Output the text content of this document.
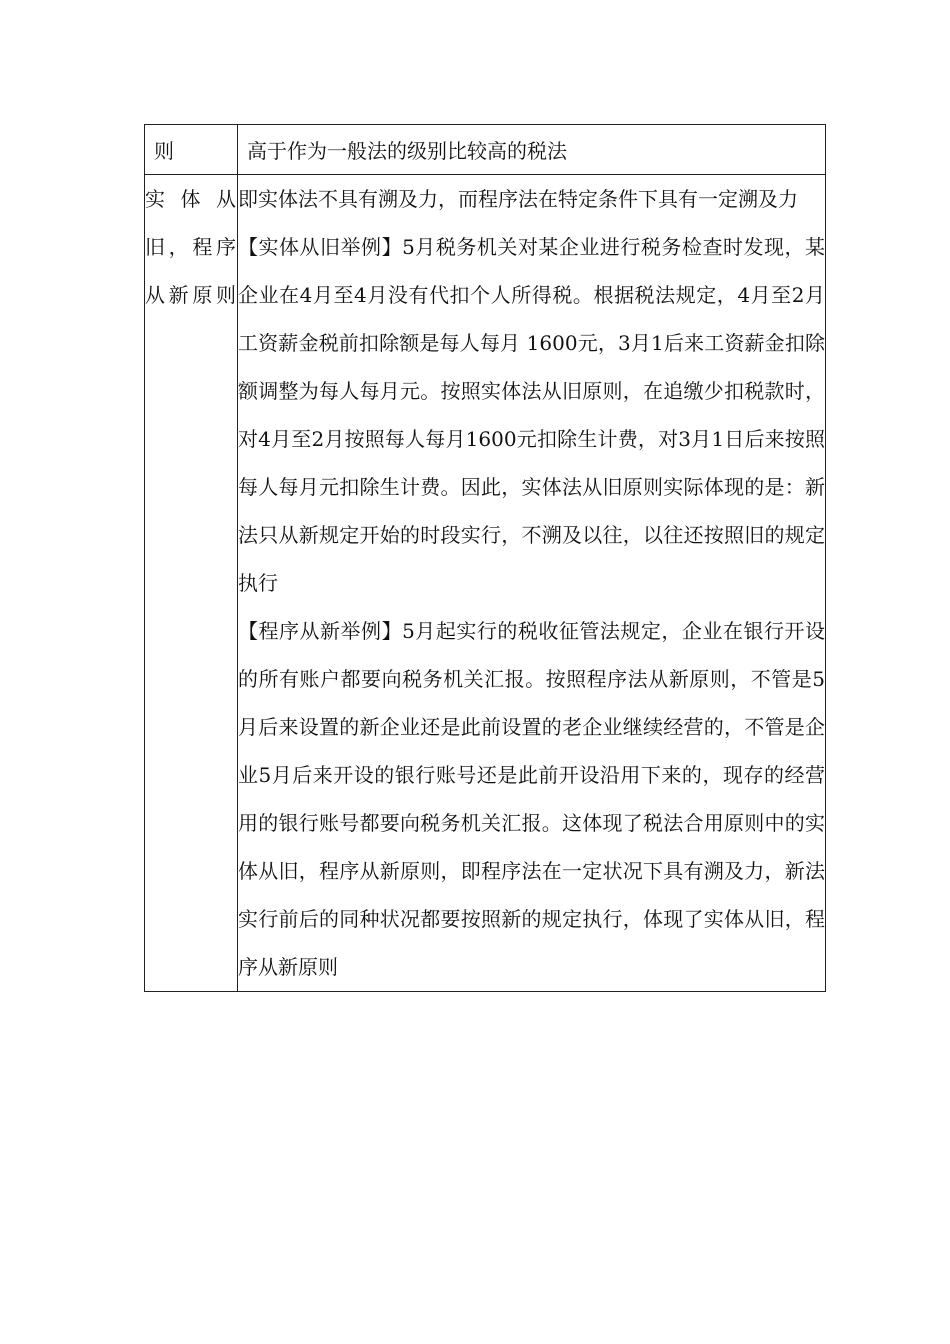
则	高于作为一般法的级别比较高的税法
实体从旧，程序从新原则	即实体法不具有溯及力，而程序法在特定条件下具有一定溯及力

【实体从旧举例】5月税务机关对某企业进行税务检查时发现，某企业在4月至4月没有代扣个人所得税。根据税法规定，4月至2月工资薪金税前扣除额是每人每月 1600元，3月1后来工资薪金扣除额调整为每人每月元。按照实体法从旧原则，在追缴少扣税款时，对4月至2月按照每人每月1600元扣除生计费，对3月1日后来按照每人每月元扣除生计费。因此，实体法从旧原则实际体现的是：新法只从新规定开始的时段实行，不溯及以往，以往还按照旧的规定执行

【程序从新举例】5月起实行的税收征管法规定，企业在银行开设的所有账户都要向税务机关汇报。按照程序法从新原则，不管是5月后来设置的新企业还是此前设置的老企业继续经营的，不管是企业5月后来开设的银行账号还是此前开设沿用下来的，现存的经营用的银行账号都要向税务机关汇报。这体现了税法合用原则中的实体从旧，程序从新原则，即程序法在一定状况下具有溯及力，新法实行前后的同种状况都要按照新的规定执行，体现了实体从旧，程序从新原则
